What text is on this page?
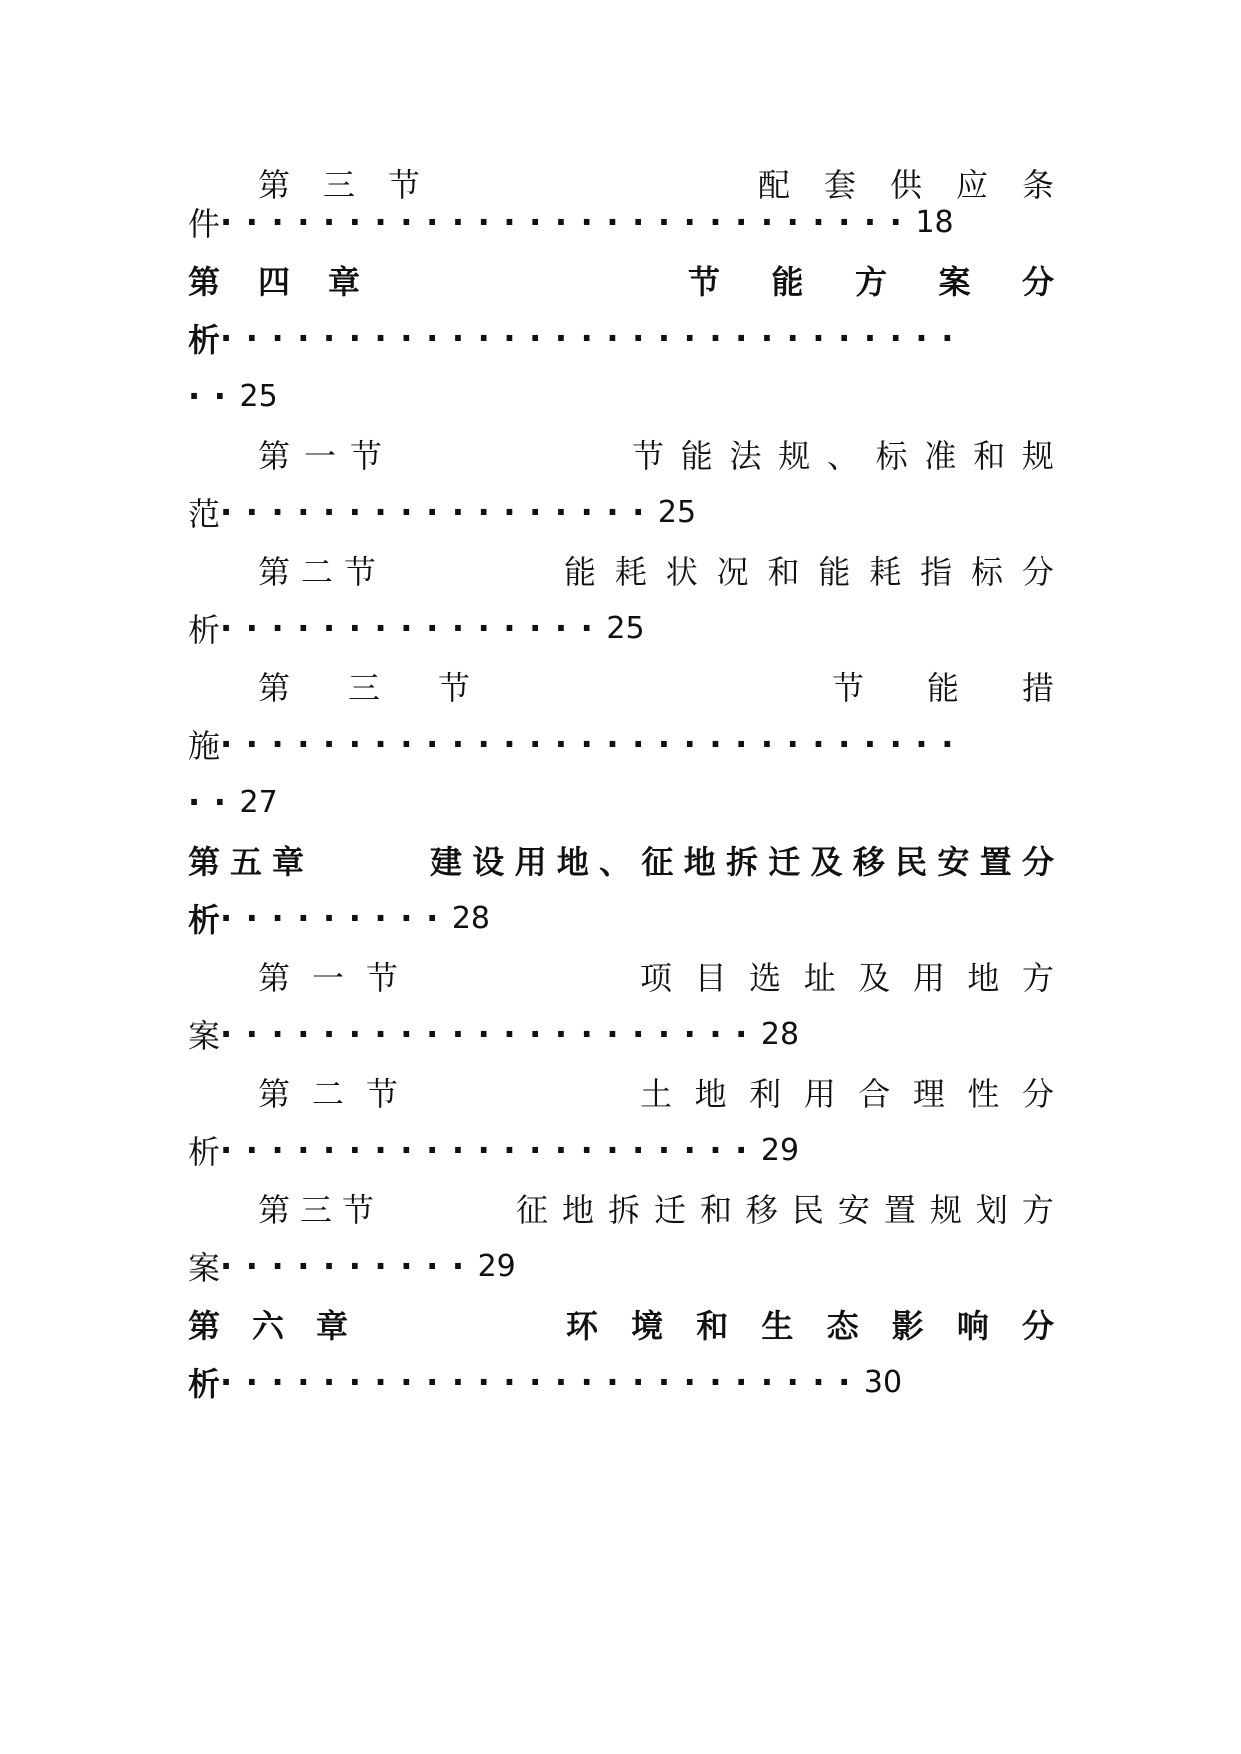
第 三 节	配 套 供 应 条
件 ··························· 18
第 四 章	节 能 方 案 分
析 ·····························
·· 25
第 一 节	节 能 法 规 、 标 准 和 规
范 ················· 25
第 二 节	能 耗 状 况 和 能 耗 指 标 分
析 ··············· 25
第 三 节	节 能 措
施 ·····························
·· 27
第 五 章	建 设 用 地 、 征 地 拆 迁 及 移 民 安 置 分
析 ········· 28
第 一 节	项 目 选 址 及 用 地 方
案 ····················· 28
第 二 节	土 地 利 用 合 理 性 分
析 ····················· 29
第 三 节	征 地 拆 迁 和 移 民 安 置 规 划 方
案 ·········· 29
第 六 章	环 境 和 生 态 影 响 分
析 ························· 30
